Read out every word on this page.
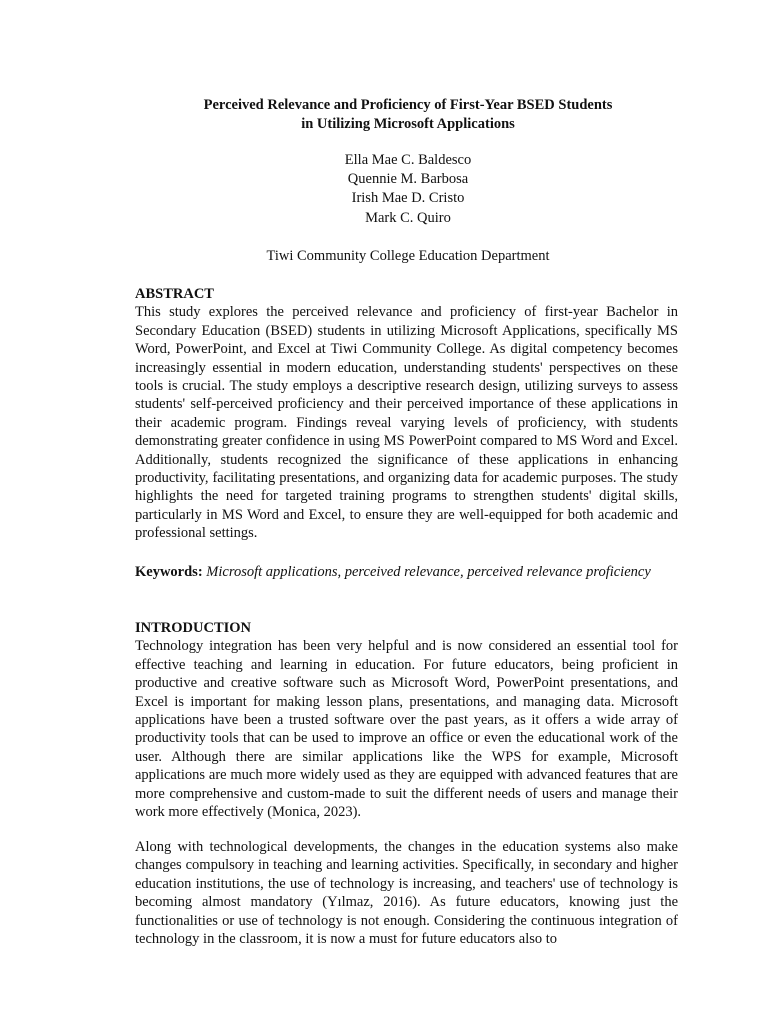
Perceived Relevance and Proficiency of First-Year BSED Students
in Utilizing Microsoft Applications
Ella Mae C. Baldesco
Quennie M. Barbosa
Irish Mae D. Cristo
Mark C. Quiro
Tiwi Community College Education Department
ABSTRACT
This study explores the perceived relevance and proficiency of first-year Bachelor in Secondary Education (BSED) students in utilizing Microsoft Applications, specifically MS Word, PowerPoint, and Excel at Tiwi Community College. As digital competency becomes increasingly essential in modern education, understanding students' perspectives on these tools is crucial. The study employs a descriptive research design, utilizing surveys to assess students' self-perceived proficiency and their perceived importance of these applications in their academic program. Findings reveal varying levels of proficiency, with students demonstrating greater confidence in using MS PowerPoint compared to MS Word and Excel. Additionally, students recognized the significance of these applications in enhancing productivity, facilitating presentations, and organizing data for academic purposes. The study highlights the need for targeted training programs to strengthen students' digital skills, particularly in MS Word and Excel, to ensure they are well-equipped for both academic and professional settings.
Keywords: Microsoft applications, perceived relevance, perceived relevance proficiency
INTRODUCTION
Technology integration has been very helpful and is now considered an essential tool for effective teaching and learning in education. For future educators, being proficient in productive and creative software such as Microsoft Word, PowerPoint presentations, and Excel is important for making lesson plans, presentations, and managing data. Microsoft applications have been a trusted software over the past years, as it offers a wide array of productivity tools that can be used to improve an office or even the educational work of the user. Although there are similar applications like the WPS for example, Microsoft applications are much more widely used as they are equipped with advanced features that are more comprehensive and custom-made to suit the different needs of users and manage their work more effectively (Monica, 2023).
Along with technological developments, the changes in the education systems also make changes compulsory in teaching and learning activities. Specifically, in secondary and higher education institutions, the use of technology is increasing, and teachers' use of technology is becoming almost mandatory (Yılmaz, 2016). As future educators, knowing just the functionalities or use of technology is not enough. Considering the continuous integration of technology in the classroom, it is now a must for future educators also to
